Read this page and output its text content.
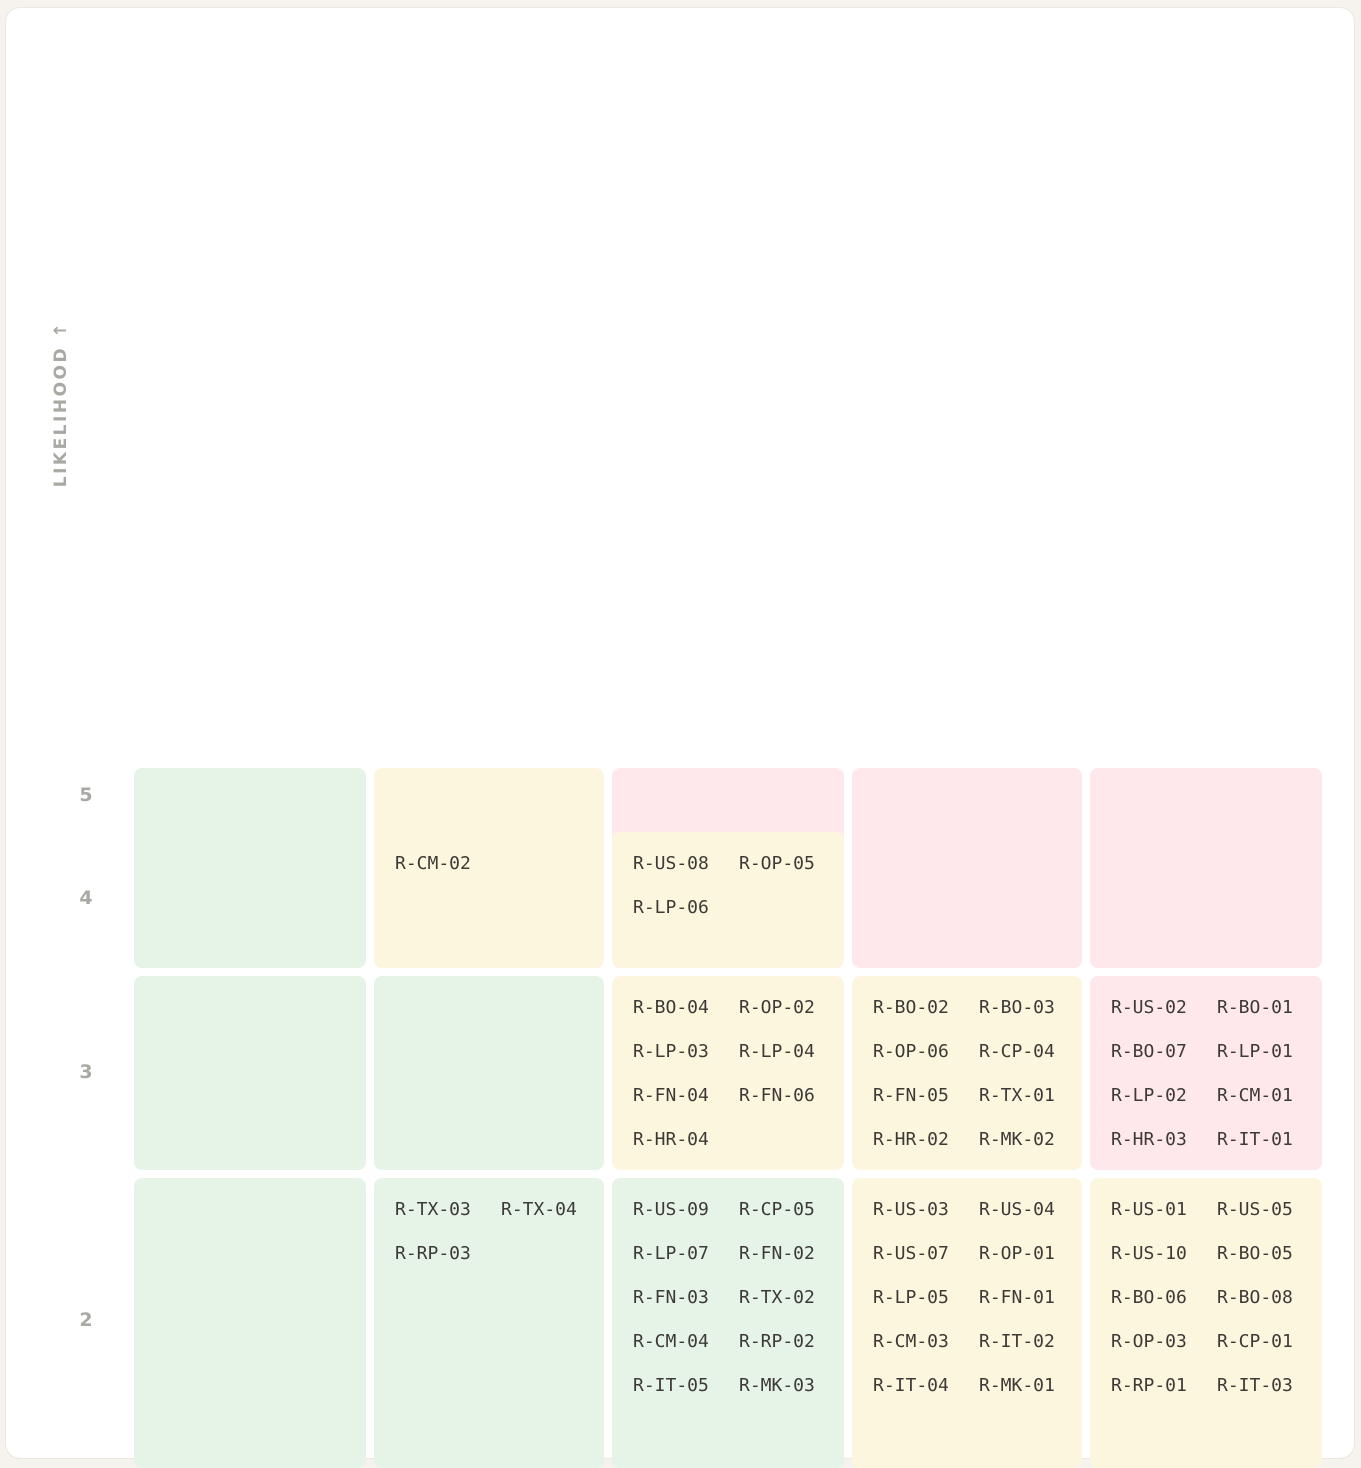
LIKELIHOOD ↑
5
4
3
2
R-CM-02	R-US-08 R-OP-05R-LP-06
R-BO-04 R-OP-02R-LP-03 R-LP-04R-FN-04 R-FN-06R-HR-04
R-BO-02 R-BO-03R-OP-06 R-CP-04R-FN-05 R-TX-01R-HR-02 R-MK-02
R-US-02 R-BO-01R-BO-07 R-LP-01R-LP-02 R-CM-01R-HR-03 R-IT-01
R-TX-03 R-TX-04R-RP-03
R-US-09 R-CP-05R-LP-07 R-FN-02R-FN-03 R-TX-02R-CM-04 R-RP-02R-IT-05 R-MK-03
R-US-03 R-US-04R-US-07 R-OP-01R-LP-05 R-FN-01R-CM-03 R-IT-02R-IT-04 R-MK-01
R-US-01 R-US-05R-US-10 R-BO-05R-BO-06 R-BO-08R-OP-03 R-CP-01R-RP-01 R-IT-03
